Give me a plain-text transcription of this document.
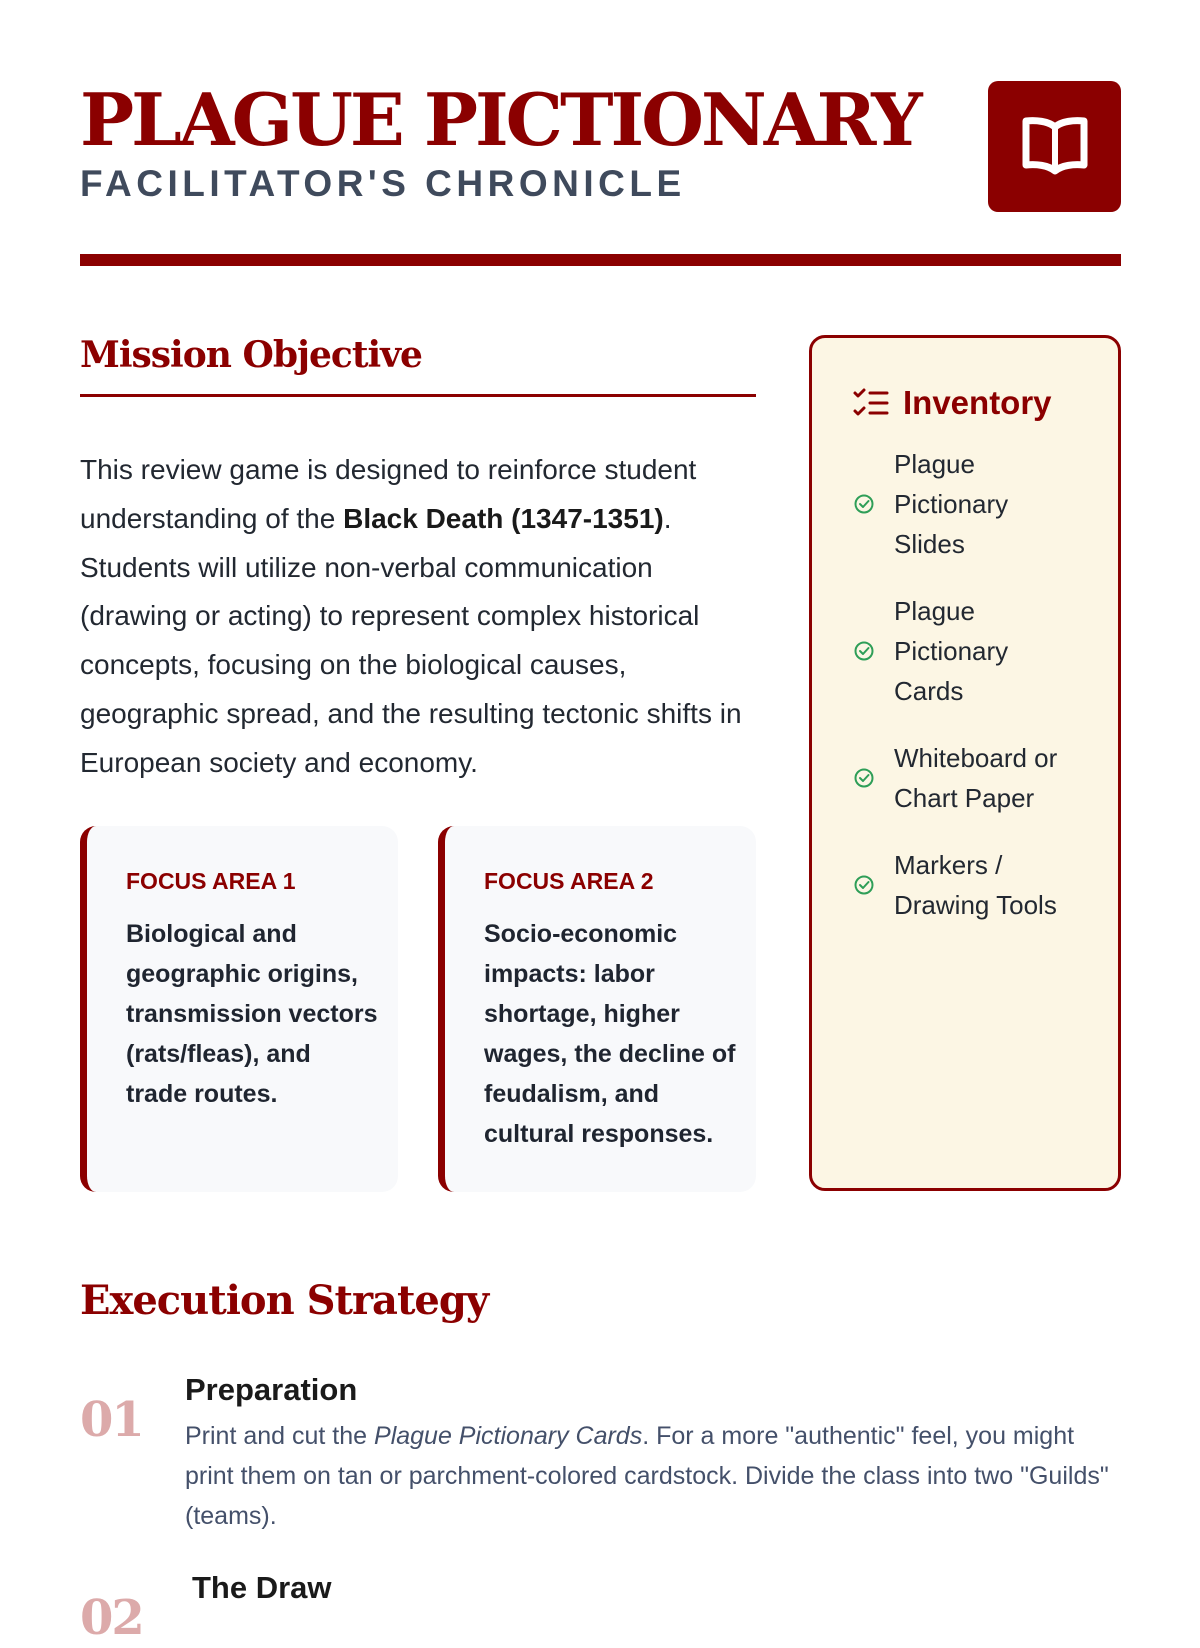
PLAGUE PICTIONARY
FACILITATOR'S CHRONICLE
Mission Objective

This review game is designed to reinforce student understanding of the Black Death (1347-1351). Students will utilize non-verbal communication (drawing or acting) to represent complex historical concepts, focusing on the biological causes, geographic spread, and the resulting tectonic shifts in European society and economy.

FOCUS AREA 1

Biological and geographic origins, transmission vectors (rats/fleas), and trade routes.

FOCUS AREA 2

Socio-economic impacts: labor shortage, higher wages, the decline of feudalism, and cultural responses.

Inventory
Plague Pictionary Slides
Plague Pictionary Cards
Whiteboard or Chart Paper
Markers / Drawing Tools
Execution Strategy
01
Preparation

Print and cut the Plague Pictionary Cards. For a more "authentic" feel, you might print them on tan or parchment-colored cardstock. Divide the class into two "Guilds" (teams).

02
The Draw
